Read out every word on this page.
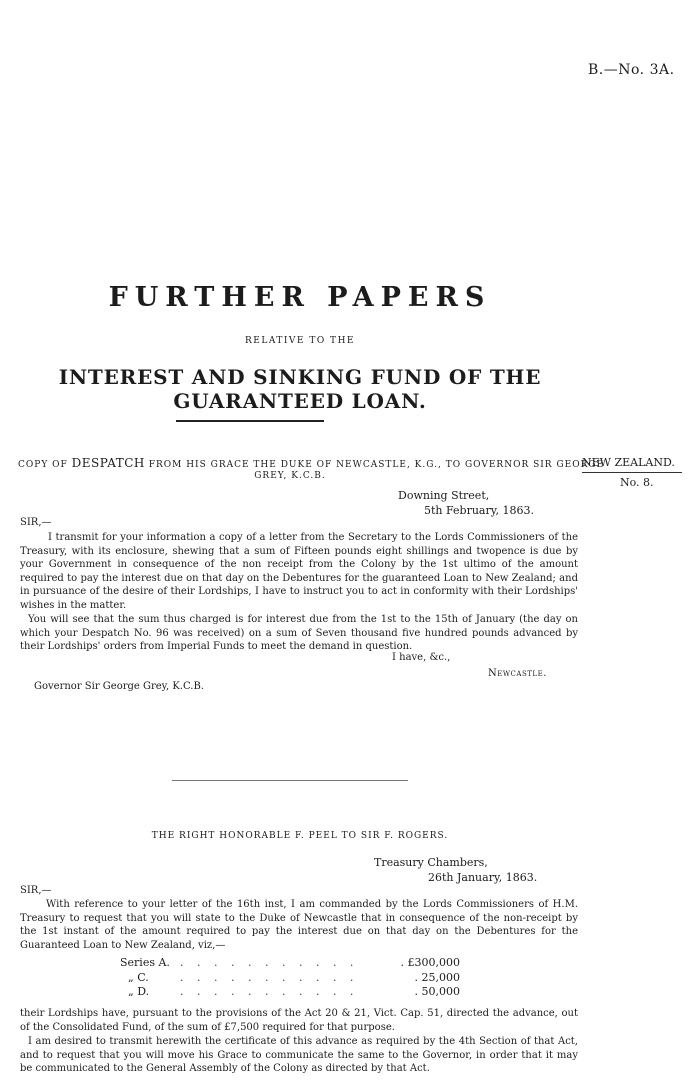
B.—No. 3A.
FURTHER PAPERS
RELATIVE TO THE
INTEREST AND SINKING FUND OF THE GUARANTEED LOAN.
NEW ZEALAND.
No. 8.
COPY OF DESPATCH FROM HIS GRACE THE DUKE OF NEWCASTLE, K.G., TO GOVERNOR SIR GEORGE
GREY, K.C.B.
Downing Street,
5th February, 1863.
SIR,—
I transmit for your information a copy of a letter from the Secretary to the Lords Commissioners of the Treasury, with its enclosure, shewing that a sum of Fifteen pounds eight shillings and twopence is due by your Government in consequence of the non receipt from the Colony by the 1st ultimo of the amount required to pay the interest due on that day on the Debentures for the guaranteed Loan to New Zealand; and in pursuance of the desire of their Lordships, I have to instruct you to act in conformity with their Lordships' wishes in the matter.
You will see that the sum thus charged is for interest due from the 1st to the 15th of January (the day on which your Despatch No. 96 was received) on a sum of Seven thousand five hundred pounds advanced by their Lordships' orders from Imperial Funds to meet the demand in question.
I have, &c.,
Newcastle.
Governor Sir George Grey, K.C.B.
THE RIGHT HONORABLE F. PEEL TO SIR F. ROGERS.
Treasury Chambers,
26th January, 1863.
SIR,—
With reference to your letter of the 16th inst, I am commanded by the Lords Commissioners of H.M. Treasury to request that you will state to the Duke of Newcastle that in consequence of the non-receipt by the 1st instant of the amount required to pay the interest due on that day on the Debentures for the Guaranteed Loan to New Zealand, viz,—
Series A. . . . . . . . . . . .	. £300,000
„ C.	. . . . . . . . . . .	. 25,000
„ D.	. . . . . . . . . . .	. 50,000
their Lordships have, pursuant to the provisions of the Act 20 & 21, Vict. Cap. 51, directed the advance, out of the Consolidated Fund, of the sum of £7,500 required for that purpose.
I am desired to transmit herewith the certificate of this advance as required by the 4th Section of that Act, and to request that you will move his Grace to communicate the same to the Governor, in order that it may be communicated to the General Assembly of the Colony as directed by that Act.
